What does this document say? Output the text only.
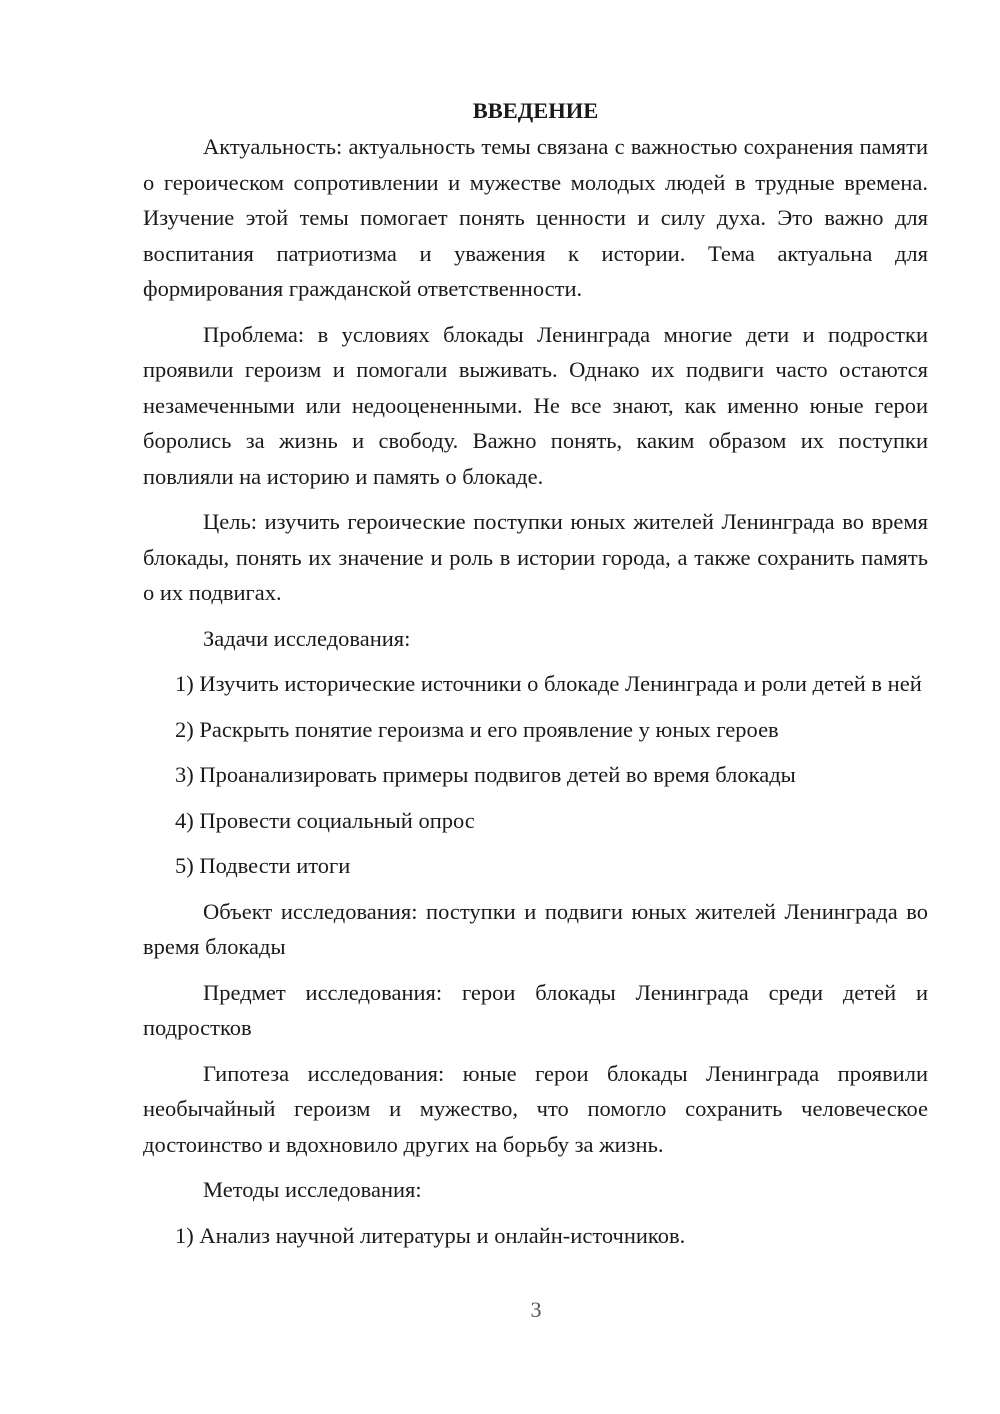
ВВЕДЕНИЕ

Актуальность: актуальность темы связана с важностью сохранения памяти о героическом сопротивлении и мужестве молодых людей в трудные времена. Изучение этой темы помогает понять ценности и силу духа. Это важно для воспитания патриотизма и уважения к истории. Тема актуальна для формирования гражданской ответственности.

Проблема: в условиях блокады Ленинграда многие дети и подростки проявили героизм и помогали выживать. Однако их подвиги часто остаются незамеченными или недооцененными. Не все знают, как именно юные герои боролись за жизнь и свободу. Важно понять, каким образом их поступки повлияли на историю и память о блокаде.

Цель: изучить героические поступки юных жителей Ленинграда во время блокады, понять их значение и роль в истории города, а также сохранить память о их подвигах.

Задачи исследования:

1) Изучить исторические источники о блокаде Ленинграда и роли детей в ней

2) Раскрыть понятие героизма и его проявление у юных героев

3) Проанализировать примеры подвигов детей во время блокады

4) Провести социальный опрос

5) Подвести итоги

Объект исследования: поступки и подвиги юных жителей Ленинграда во время блокады

Предмет исследования: герои блокады Ленинграда среди детей и подростков

Гипотеза исследования: юные герои блокады Ленинграда проявили необычайный героизм и мужество, что помогло сохранить человеческое достоинство и вдохновило других на борьбу за жизнь.

Методы исследования:

1) Анализ научной литературы и онлайн-источников.

3
